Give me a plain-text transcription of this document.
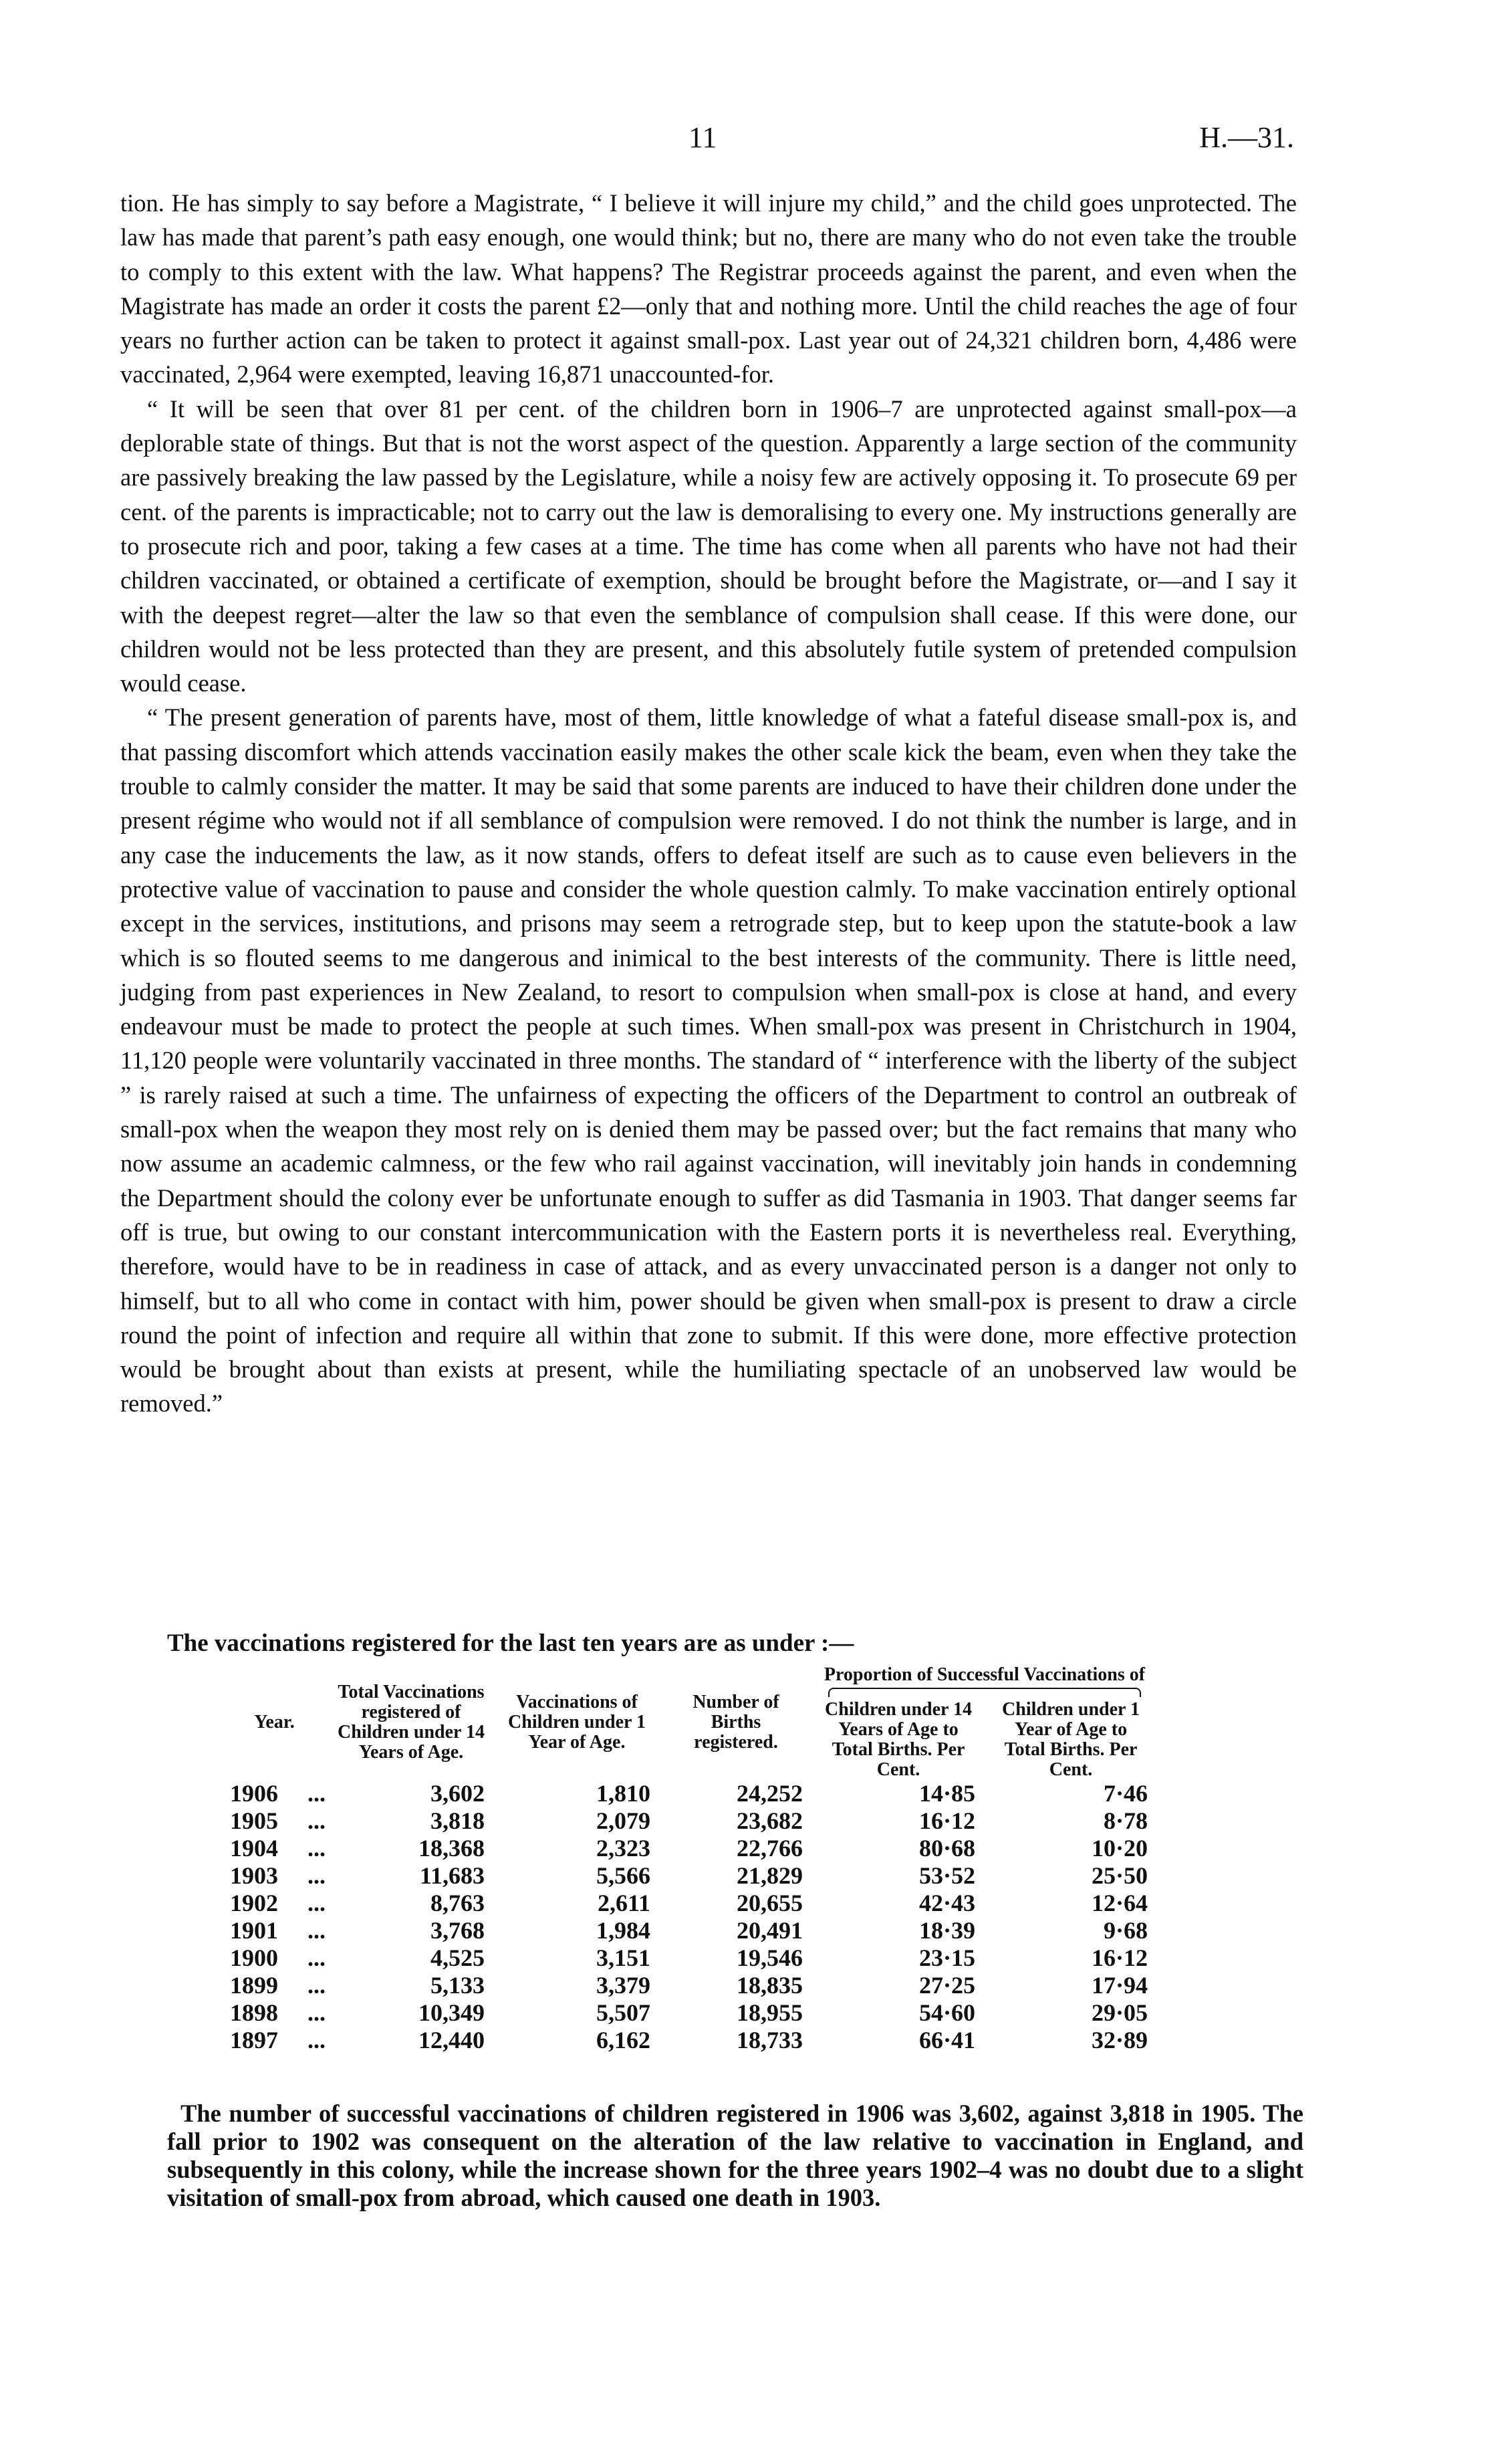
11	H.—31.

tion. He has simply to say before a Magistrate, “ I believe it will injure my child,” and the child goes unprotected. The law has made that parent’s path easy enough, one would think; but no, there are many who do not even take the trouble to comply to this extent with the law. What happens? The Registrar proceeds against the parent, and even when the Magistrate has made an order it costs the parent £2—only that and nothing more. Until the child reaches the age of four years no further action can be taken to protect it against small-pox. Last year out of 24,321 children born, 4,486 were vaccinated, 2,964 were exempted, leaving 16,871 unaccounted-for.

“ It will be seen that over 81 per cent. of the children born in 1906–7 are unprotected against small-pox—a deplorable state of things. But that is not the worst aspect of the question. Apparently a large section of the community are passively breaking the law passed by the Legislature, while a noisy few are actively opposing it. To prosecute 69 per cent. of the parents is impracticable; not to carry out the law is demoralising to every one. My instructions generally are to prosecute rich and poor, taking a few cases at a time. The time has come when all parents who have not had their children vaccinated, or obtained a certificate of exemption, should be brought before the Magistrate, or—and I say it with the deepest regret—alter the law so that even the semblance of compulsion shall cease. If this were done, our children would not be less protected than they are present, and this absolutely futile system of pretended compulsion would cease.

“ The present generation of parents have, most of them, little knowledge of what a fateful disease small-pox is, and that passing discomfort which attends vaccination easily makes the other scale kick the beam, even when they take the trouble to calmly consider the matter. It may be said that some parents are induced to have their children done under the present régime who would not if all semblance of compulsion were removed. I do not think the number is large, and in any case the inducements the law, as it now stands, offers to defeat itself are such as to cause even believers in the protective value of vaccination to pause and consider the whole question calmly. To make vaccination entirely optional except in the services, institutions, and prisons may seem a retrograde step, but to keep upon the statute-book a law which is so flouted seems to me dangerous and inimical to the best interests of the community. There is little need, judging from past experiences in New Zealand, to resort to compulsion when small-pox is close at hand, and every endeavour must be made to protect the people at such times. When small-pox was present in Christchurch in 1904, 11,120 people were voluntarily vaccinated in three months. The standard of “ interference with the liberty of the subject ” is rarely raised at such a time. The unfairness of expecting the officers of the Department to control an outbreak of small-pox when the weapon they most rely on is denied them may be passed over; but the fact remains that many who now assume an academic calmness, or the few who rail against vaccination, will inevitably join hands in condemning the Department should the colony ever be unfortunate enough to suffer as did Tasmania in 1903. That danger seems far off is true, but owing to our constant intercommunication with the Eastern ports it is nevertheless real. Everything, therefore, would have to be in readiness in case of attack, and as every unvaccinated person is a danger not only to himself, but to all who come in contact with him, power should be given when small-pox is present to draw a circle round the point of infection and require all within that zone to submit. If this were done, more effective protection would be brought about than exists at present, while the humiliating spectacle of an unobserved law would be removed.”

The vaccinations registered for the last ten years are as under :—
Year.		Total Vaccinations registered of Children under 14 Years of Age.	Vaccinations of Children under 1 Year of Age.	Number of Births registered.	Proportion of Successful Vaccinations of	

					Children under 14 Years of Age to Total Births. Per Cent.	Children under 1 Year of Age to Total Births. Per Cent.
1906	...	3,602	1,810	24,252	14·85	7·46
1905	...	3,818	2,079	23,682	16·12	8·78
1904	...	18,368	2,323	22,766	80·68	10·20
1903	...	11,683	5,566	21,829	53·52	25·50
1902	...	8,763	2,611	20,655	42·43	12·64
1901	...	3,768	1,984	20,491	18·39	9·68
1900	...	4,525	3,151	19,546	23·15	16·12
1899	...	5,133	3,379	18,835	27·25	17·94
1898	...	10,349	5,507	18,955	54·60	29·05
1897	...	12,440	6,162	18,733	66·41	32·89

The number of successful vaccinations of children registered in 1906 was 3,602, against 3,818 in 1905. The fall prior to 1902 was consequent on the alteration of the law relative to vaccination in England, and subsequently in this colony, while the increase shown for the three years 1902–4 was no doubt due to a slight visitation of small-pox from abroad, which caused one death in 1903.
